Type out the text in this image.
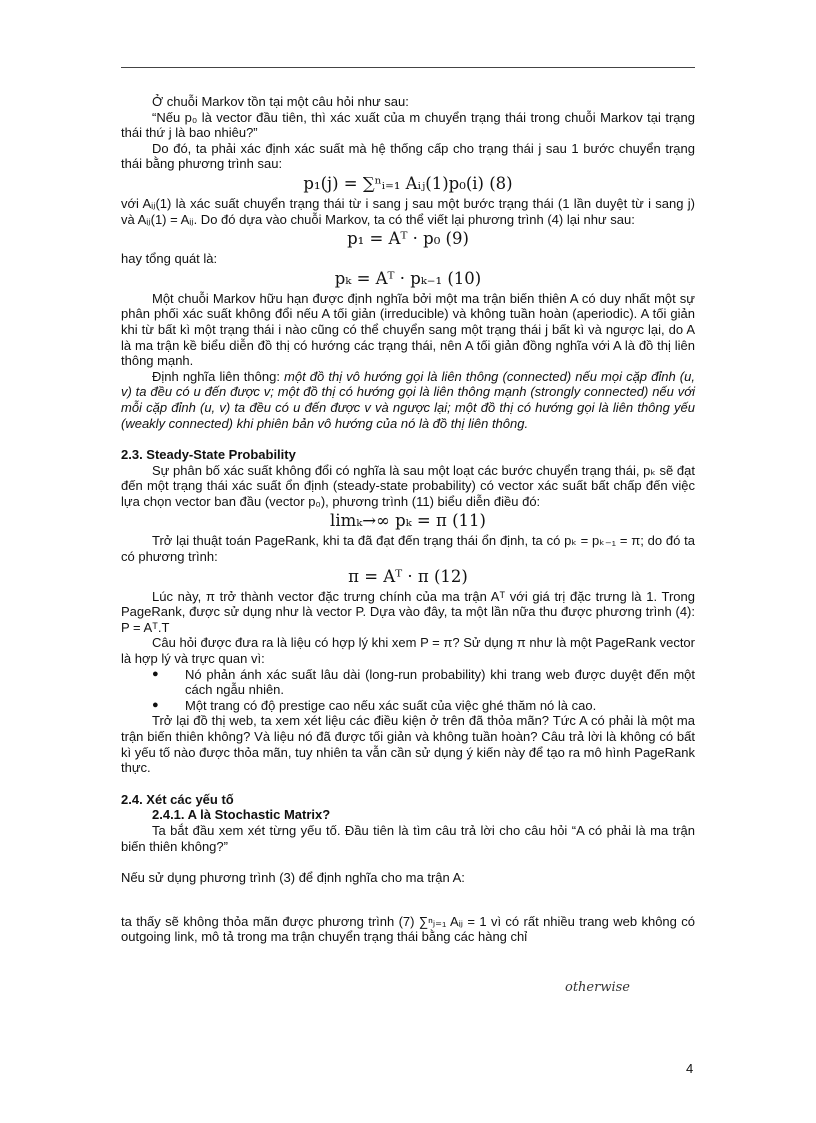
Ở chuỗi Markov tồn tại một câu hỏi như sau:

“Nếu p₀ là vector đầu tiên, thì xác xuất của m chuyển trạng thái trong chuỗi Markov tại trạng thái thứ j là bao nhiêu?”

Do đó, ta phải xác định xác suất mà hệ thống cấp cho trạng thái j sau 1 bước chuyển trạng thái bằng phương trình sau:

p₁(j) = ∑ⁿᵢ₌₁ Aᵢⱼ(1)p₀(i) (8)

với Aᵢⱼ(1) là xác suất chuyển trạng thái từ i sang j sau một bước trạng thái (1 lần duyệt từ i sang j) và Aᵢⱼ(1) = Aᵢⱼ. Do đó dựa vào chuỗi Markov, ta có thể viết lại phương trình (4) lại như sau:

p₁ = Aᵀ · p₀ (9)

hay tổng quát là:

pₖ = Aᵀ · pₖ₋₁ (10)

Một chuỗi Markov hữu hạn được định nghĩa bởi một ma trận biến thiên A có duy nhất một sự phân phối xác suất không đổi nếu A tối giản (irreducible) và không tuần hoàn (aperiodic). A tối giản khi từ bất kì một trạng thái i nào cũng có thể chuyển sang một trạng thái j bất kì và ngược lại, do A là ma trận kề biểu diễn đồ thị có hướng các trạng thái, nên A tối giản đồng nghĩa với A là đồ thị liên thông mạnh.

Định nghĩa liên thông: một đồ thị vô hướng gọi là liên thông (connected) nếu mọi cặp đỉnh (u, v) ta đều có u đến được v; một đồ thị có hướng gọi là liên thông mạnh (strongly connected) nếu với mỗi cặp đỉnh (u, v) ta đều có u đến được v và ngược lại; một đồ thị có hướng gọi là liên thông yếu (weakly connected) khi phiên bản vô hướng của nó là đồ thị liên thông.

2.3. Steady-State Probability

Sự phân bố xác suất không đổi có nghĩa là sau một loạt các bước chuyển trạng thái, pₖ sẽ đạt đến một trạng thái xác suất ổn định (steady-state probability) có vector xác suất bất chấp đến việc lựa chọn vector ban đầu (vector p₀), phương trình (11) biểu diễn điều đó:

limₖ→∞ pₖ = π (11)

Trở lại thuật toán PageRank, khi ta đã đạt đến trạng thái ổn định, ta có pₖ = pₖ₋₁ = π; do đó ta có phương trình:

π = Aᵀ · π (12)

Lúc này, π trở thành vector đặc trưng chính của ma trận Aᵀ với giá trị đặc trưng là 1. Trong PageRank, được sử dụng như là vector P. Dựa vào đây, ta một lần nữa thu được phương trình (4): P = Aᵀ.T

Câu hỏi được đưa ra là liệu có hợp lý khi xem P = π? Sử dụng π như là một PageRank vector là hợp lý và trực quan vì:

●	Nó phản ánh xác suất lâu dài (long-run probability) khi trang web được duyệt đến một cách ngẫu nhiên.
●	Một trang có độ prestige cao nếu xác suất của việc ghé thăm nó là cao.

Trở lại đồ thị web, ta xem xét liệu các điều kiện ở trên đã thỏa mãn? Tức A có phải là một ma trận biến thiên không? Và liệu nó đã được tối giản và không tuần hoàn? Câu trả lời là không có bất kì yếu tố nào được thỏa mãn, tuy nhiên ta vẫn cần sử dụng ý kiến này để tạo ra mô hình PageRank thực.

2.4. Xét các yếu tố
2.4.1. A là Stochastic Matrix?

Ta bắt đầu xem xét từng yếu tố. Đầu tiên là tìm câu trả lời cho câu hỏi “A có phải là ma trận biến thiên không?”

Nếu sử dụng phương trình (3) để định nghĩa cho ma trận A:

ta thấy sẽ không thỏa mãn được phương trình (7) ∑ⁿⱼ₌₁ Aᵢⱼ = 1 vì có rất nhiều trang web không có outgoing link, mô tả trong ma trận chuyển trạng thái bằng các hàng chỉ

otherwise
4
